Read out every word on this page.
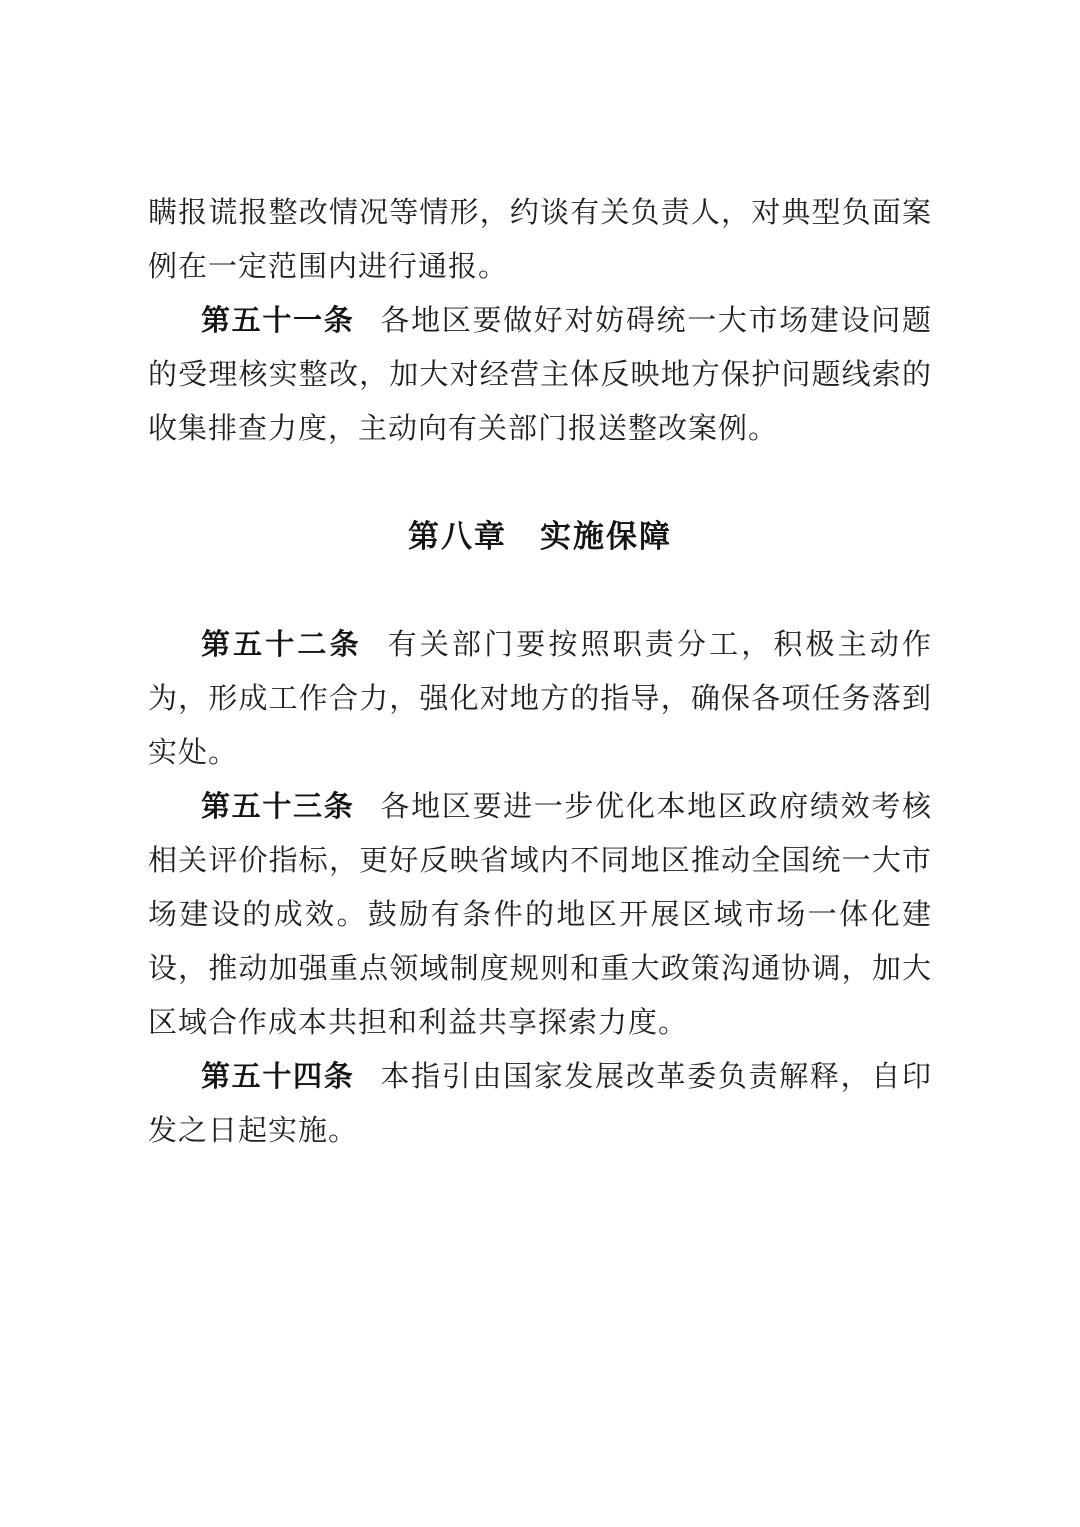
瞒报谎报整改情况等情形，约谈有关负责人，对典型负面案例在一定范围内进行通报。

第五十一条 各地区要做好对妨碍统一大市场建设问题的受理核实整改，加大对经营主体反映地方保护问题线索的收集排查力度，主动向有关部门报送整改案例。

第八章　实施保障

第五十二条 有关部门要按照职责分工，积极主动作为，形成工作合力，强化对地方的指导，确保各项任务落到实处。

第五十三条 各地区要进一步优化本地区政府绩效考核相关评价指标，更好反映省域内不同地区推动全国统一大市场建设的成效。鼓励有条件的地区开展区域市场一体化建设，推动加强重点领域制度规则和重大政策沟通协调，加大区域合作成本共担和利益共享探索力度。

第五十四条 本指引由国家发展改革委负责解释，自印发之日起实施。
